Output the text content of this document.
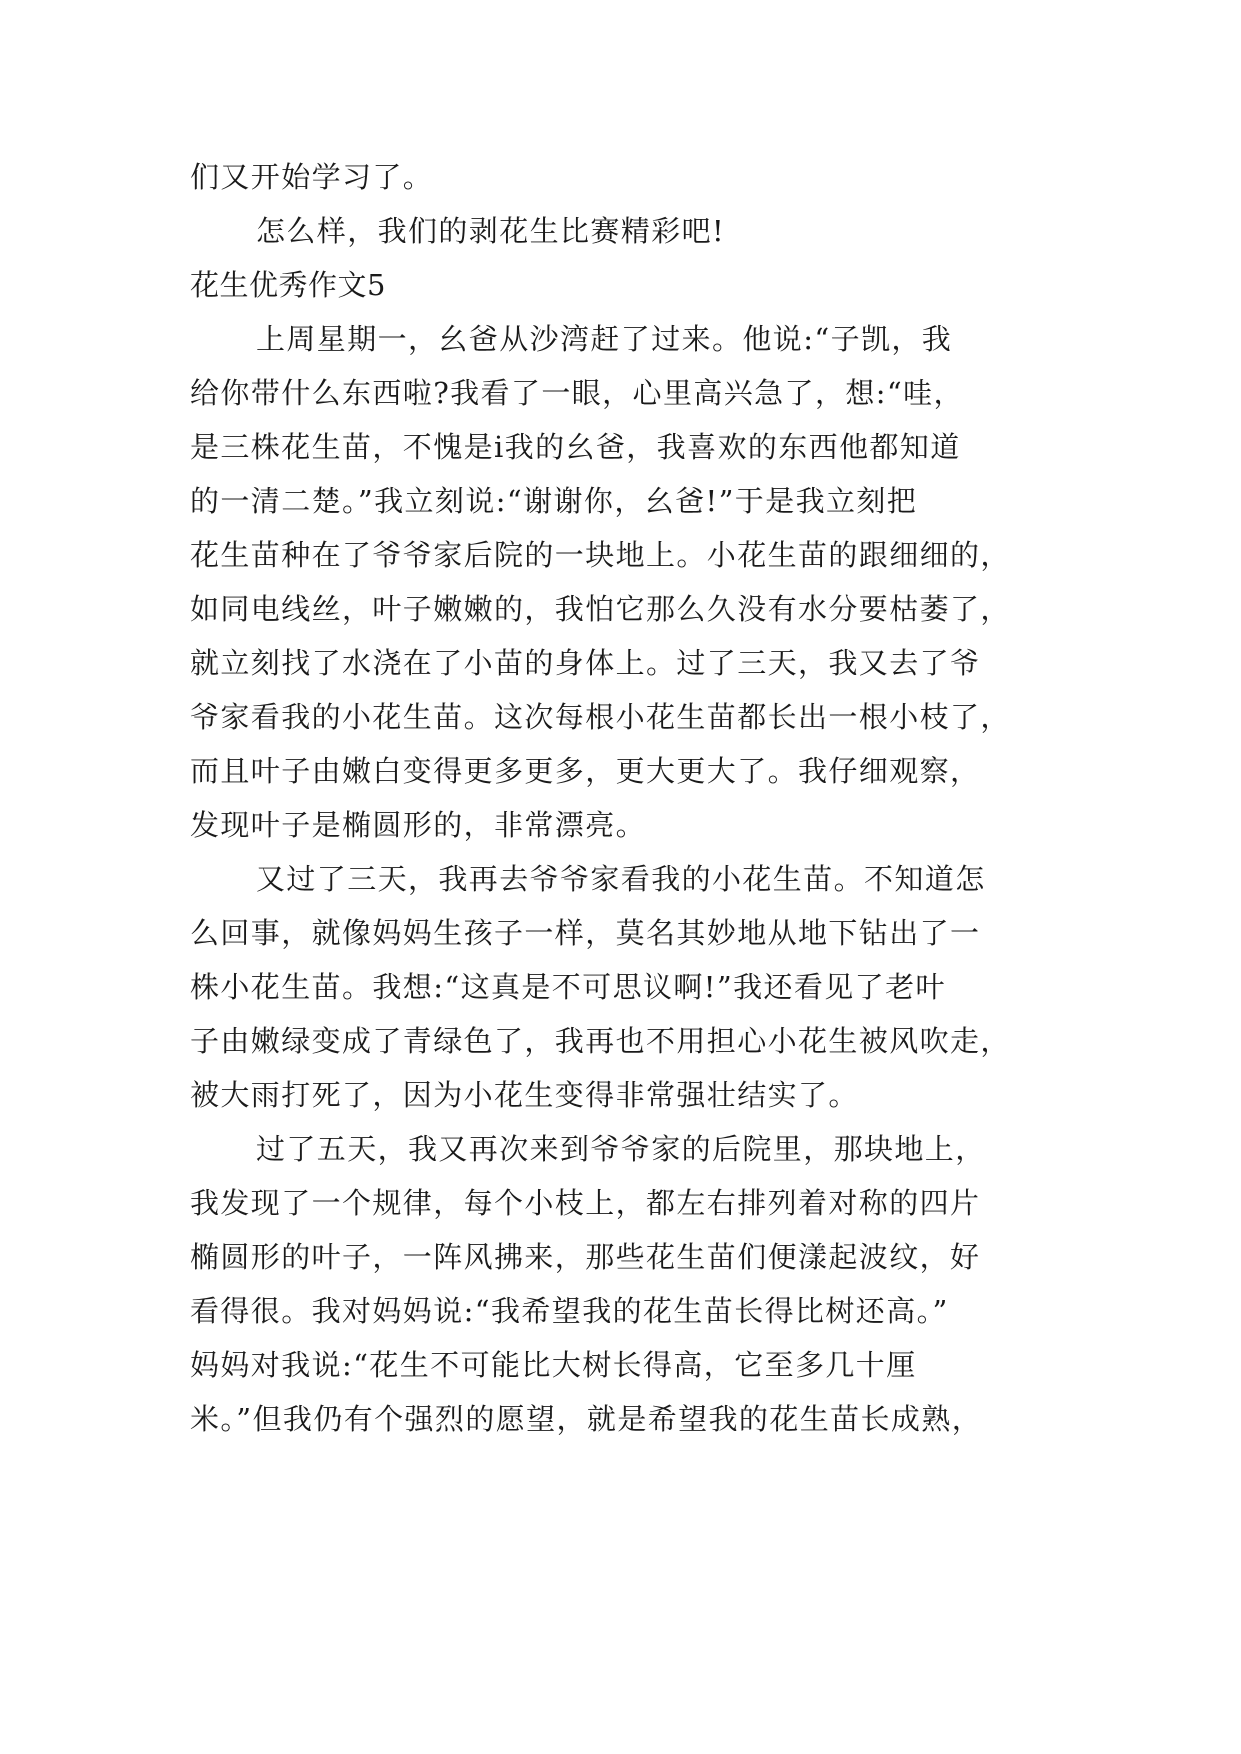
们又开始学习了。
怎么样，我们的剥花生比赛精彩吧!
花生优秀作文5
上周星期一，幺爸从沙湾赶了过来。他说:“子凯，我
给你带什么东西啦?我看了一眼，心里高兴急了，想:“哇，
是三株花生苗，不愧是i我的幺爸，我喜欢的东西他都知道
的一清二楚。”我立刻说:“谢谢你，幺爸!”于是我立刻把
花生苗种在了爷爷家后院的一块地上。小花生苗的跟细细的，
如同电线丝，叶子嫩嫩的，我怕它那么久没有水分要枯萎了，
就立刻找了水浇在了小苗的身体上。过了三天，我又去了爷
爷家看我的小花生苗。这次每根小花生苗都长出一根小枝了，
而且叶子由嫩白变得更多更多，更大更大了。我仔细观察，
发现叶子是椭圆形的，非常漂亮。
又过了三天，我再去爷爷家看我的小花生苗。不知道怎
么回事，就像妈妈生孩子一样，莫名其妙地从地下钻出了一
株小花生苗。我想:“这真是不可思议啊!”我还看见了老叶
子由嫩绿变成了青绿色了，我再也不用担心小花生被风吹走，
被大雨打死了，因为小花生变得非常强壮结实了。
过了五天，我又再次来到爷爷家的后院里，那块地上，
我发现了一个规律，每个小枝上，都左右排列着对称的四片
椭圆形的叶子，一阵风拂来，那些花生苗们便漾起波纹，好
看得很。我对妈妈说:“我希望我的花生苗长得比树还高。”
妈妈对我说:“花生不可能比大树长得高，它至多几十厘
米。”但我仍有个强烈的愿望，就是希望我的花生苗长成熟，
